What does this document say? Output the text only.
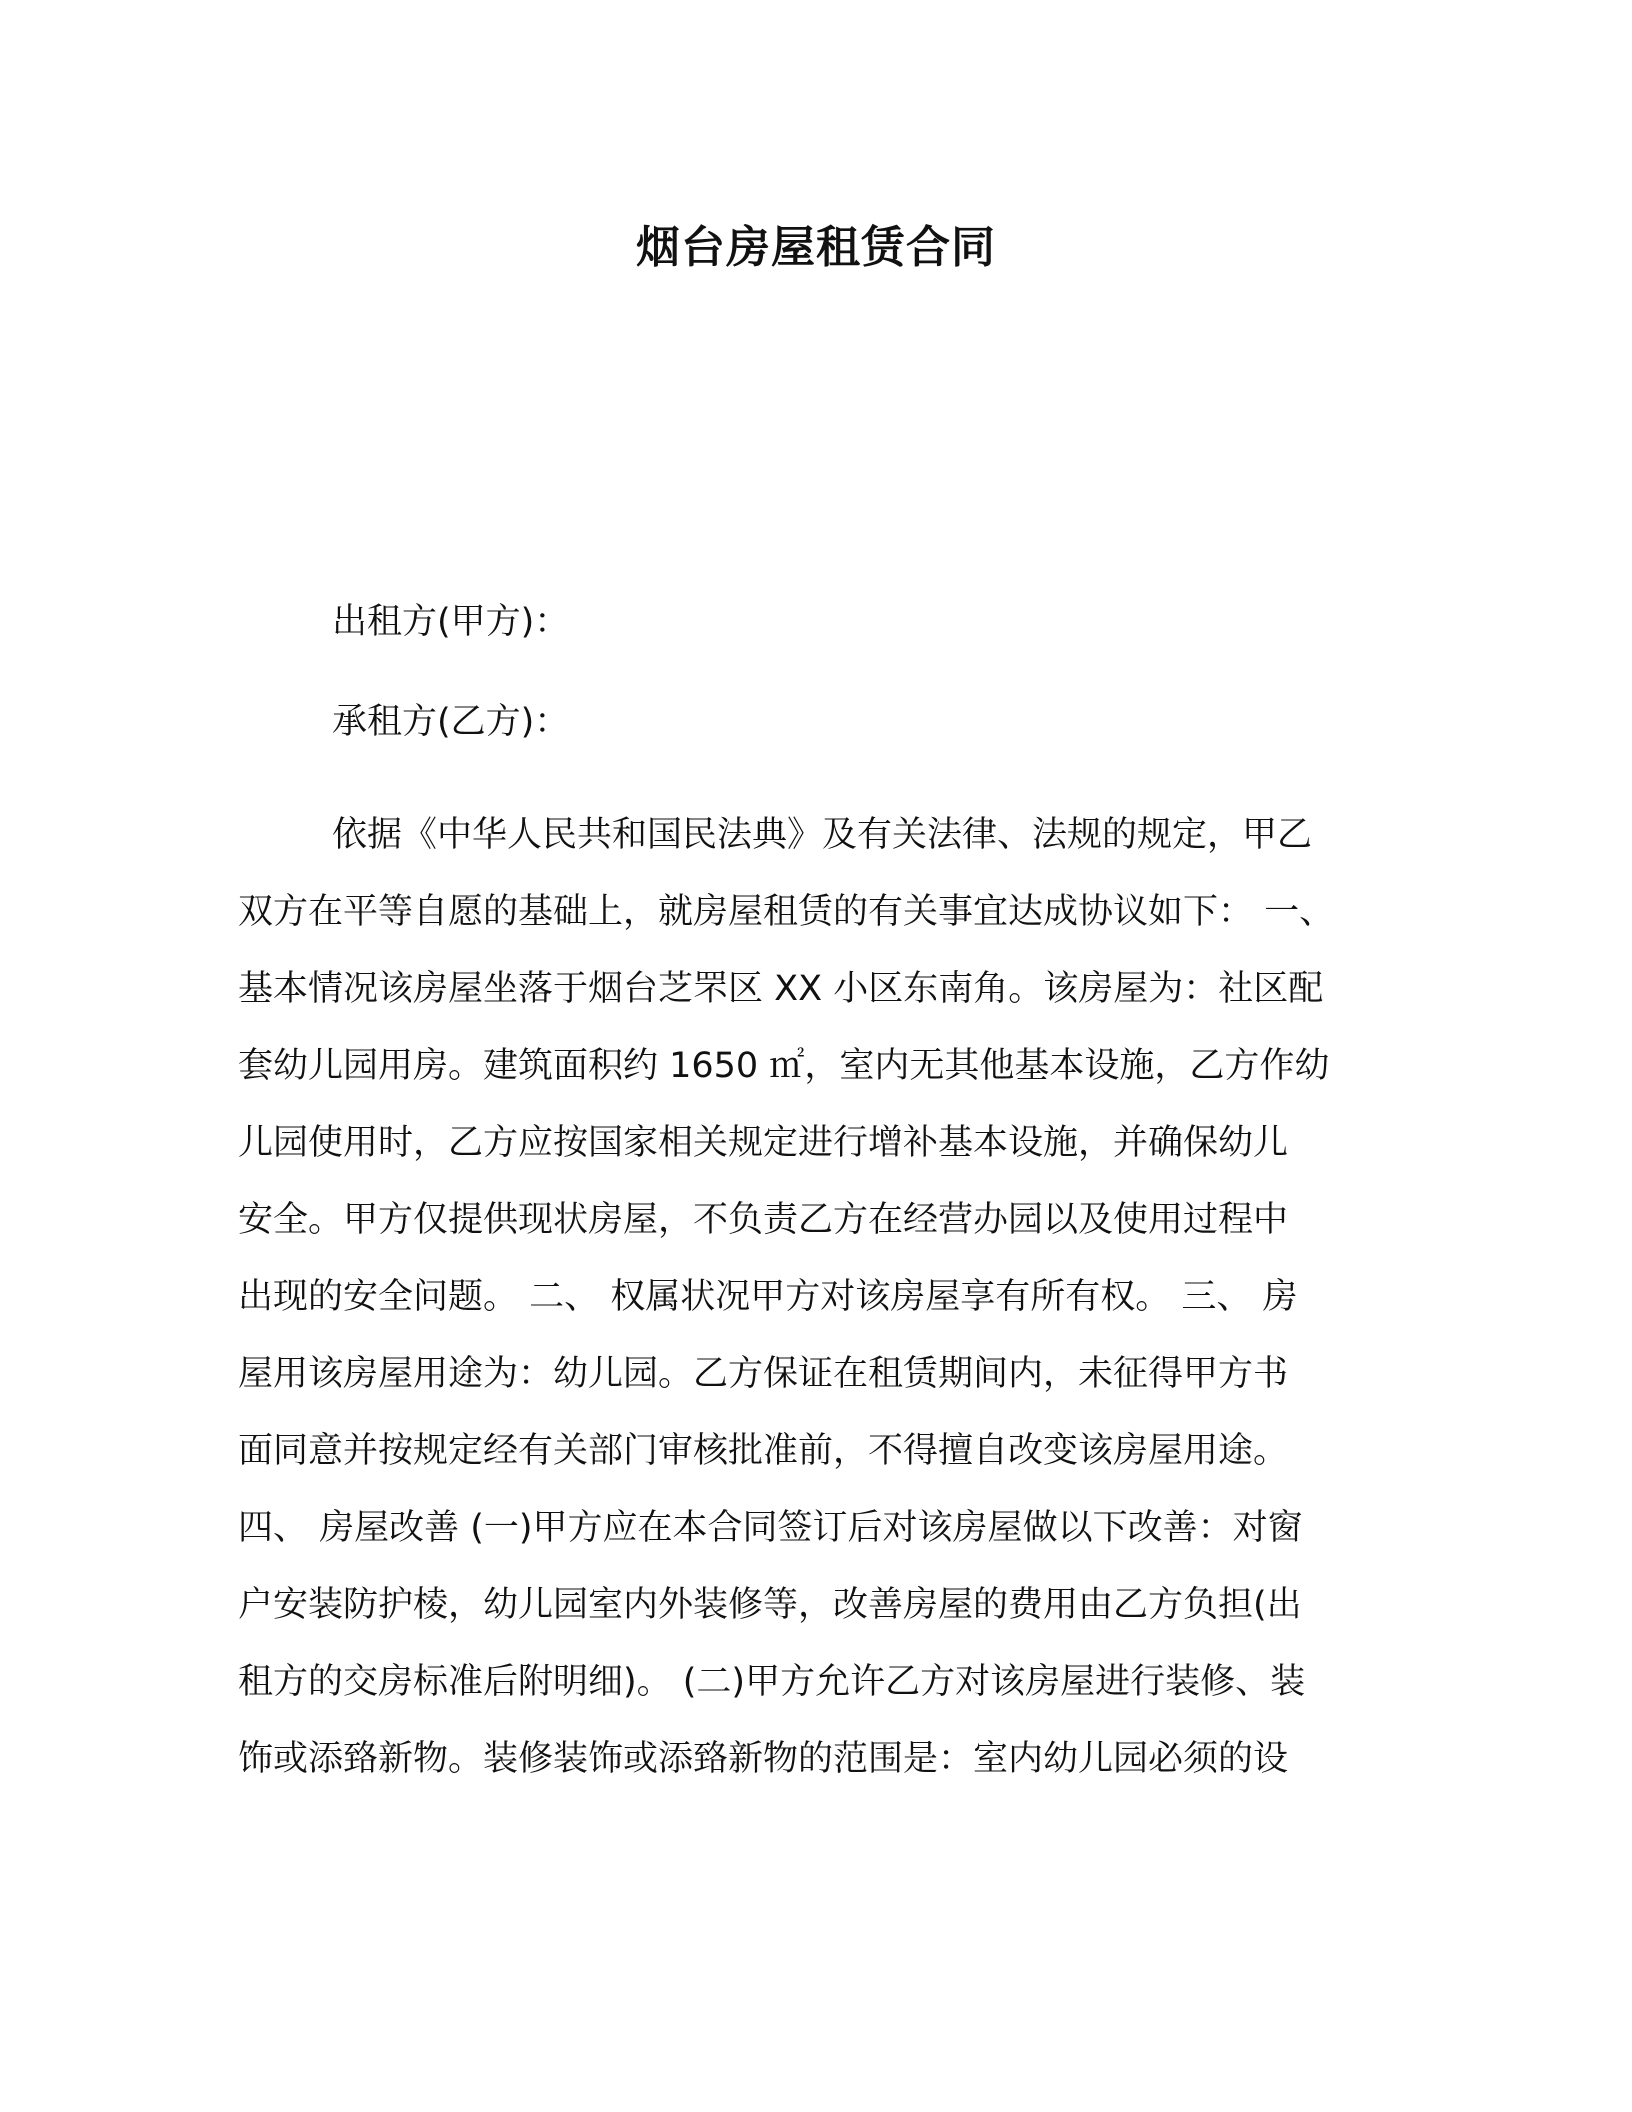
烟台房屋租赁合同

出租方(甲方)：

承租方(乙方)：

依据《中华人民共和国民法典》及有关法律、法规的规定，甲乙
双方在平等自愿的基础上，就房屋租赁的有关事宜达成协议如下： 一、
基本情况该房屋坐落于烟台芝罘区 XX 小区东南角。该房屋为：社区配
套幼儿园用房。建筑面积约 1650 ㎡，室内无其他基本设施，乙方作幼
儿园使用时，乙方应按国家相关规定进行增补基本设施，并确保幼儿
安全。甲方仅提供现状房屋，不负责乙方在经营办园以及使用过程中
出现的安全问题。 二、 权属状况甲方对该房屋享有所有权。 三、 房
屋用该房屋用途为：幼儿园。乙方保证在租赁期间内，未征得甲方书
面同意并按规定经有关部门审核批准前，不得擅自改变该房屋用途。
四、 房屋改善 (一)甲方应在本合同签订后对该房屋做以下改善：对窗
户安装防护棱，幼儿园室内外装修等，改善房屋的费用由乙方负担(出
租方的交房标准后附明细)。 (二)甲方允许乙方对该房屋进行装修、装
饰或添臵新物。装修装饰或添臵新物的范围是：室内幼儿园必须的设
